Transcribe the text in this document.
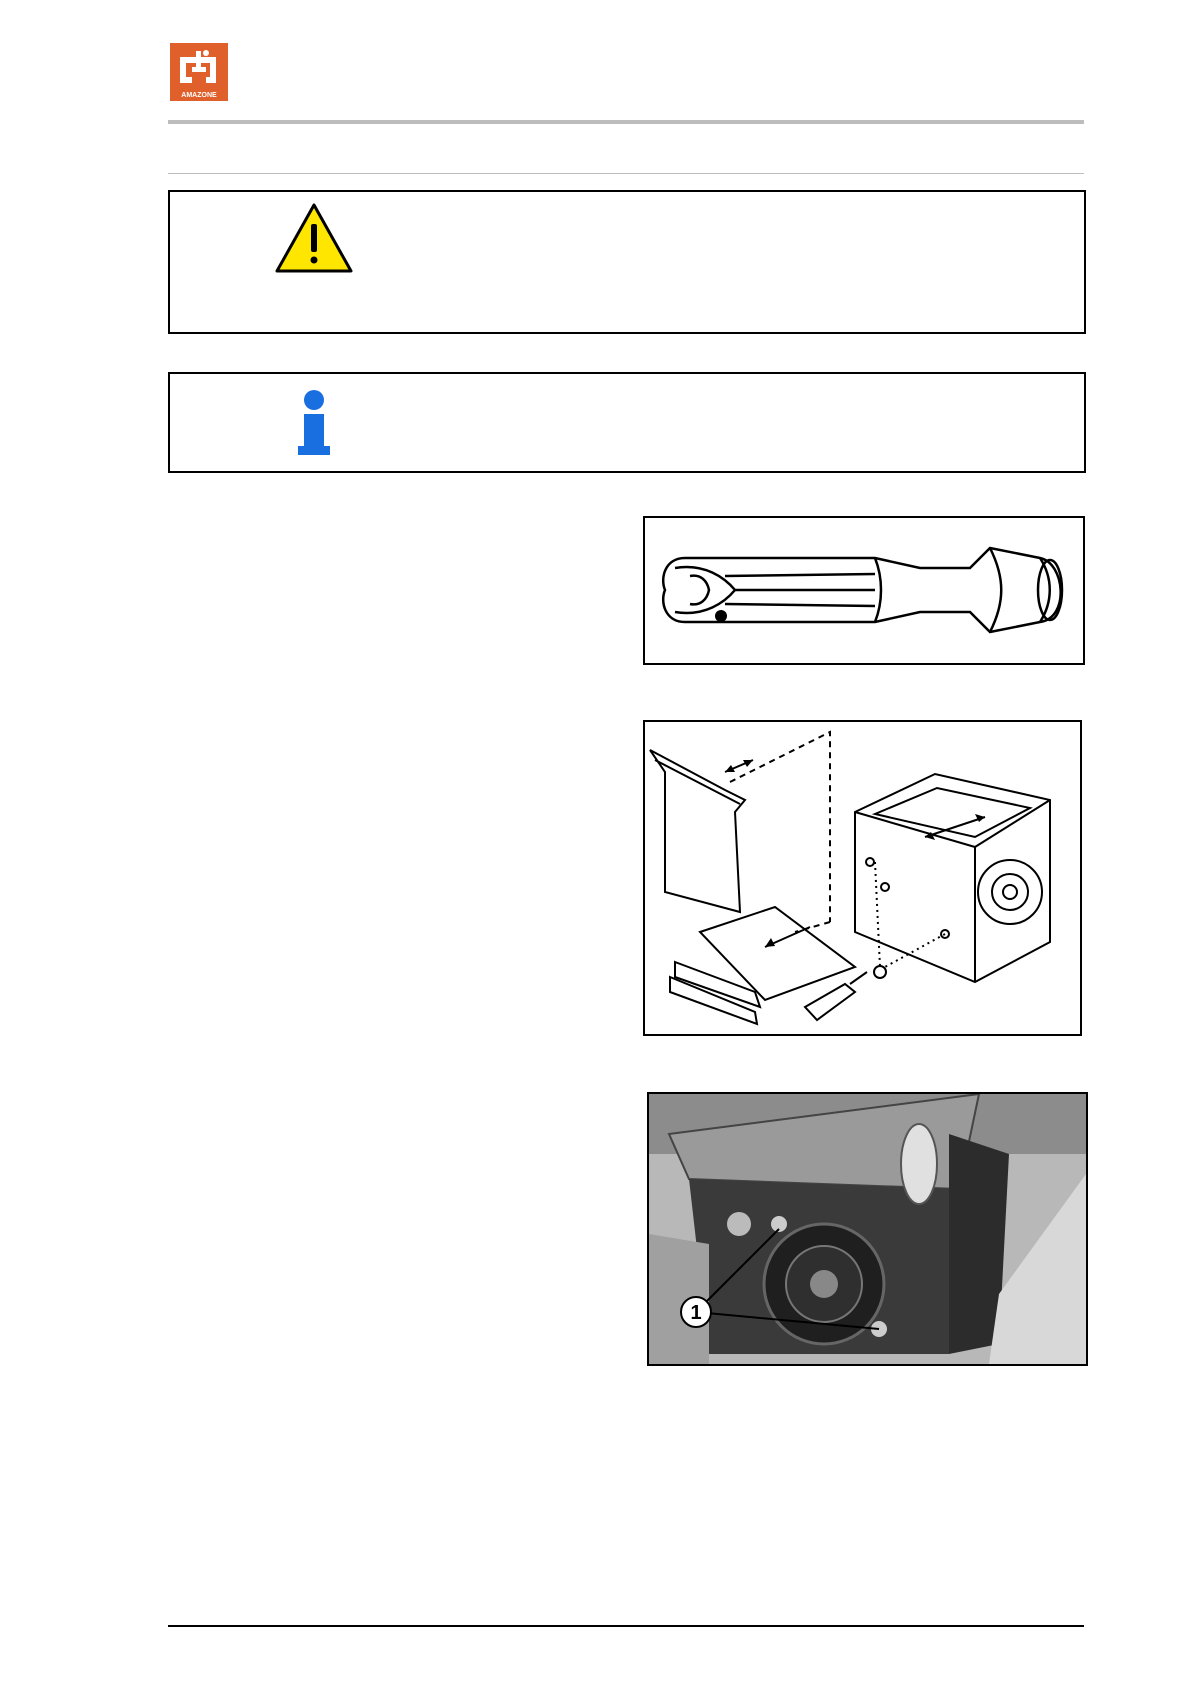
AMAZONE
1
